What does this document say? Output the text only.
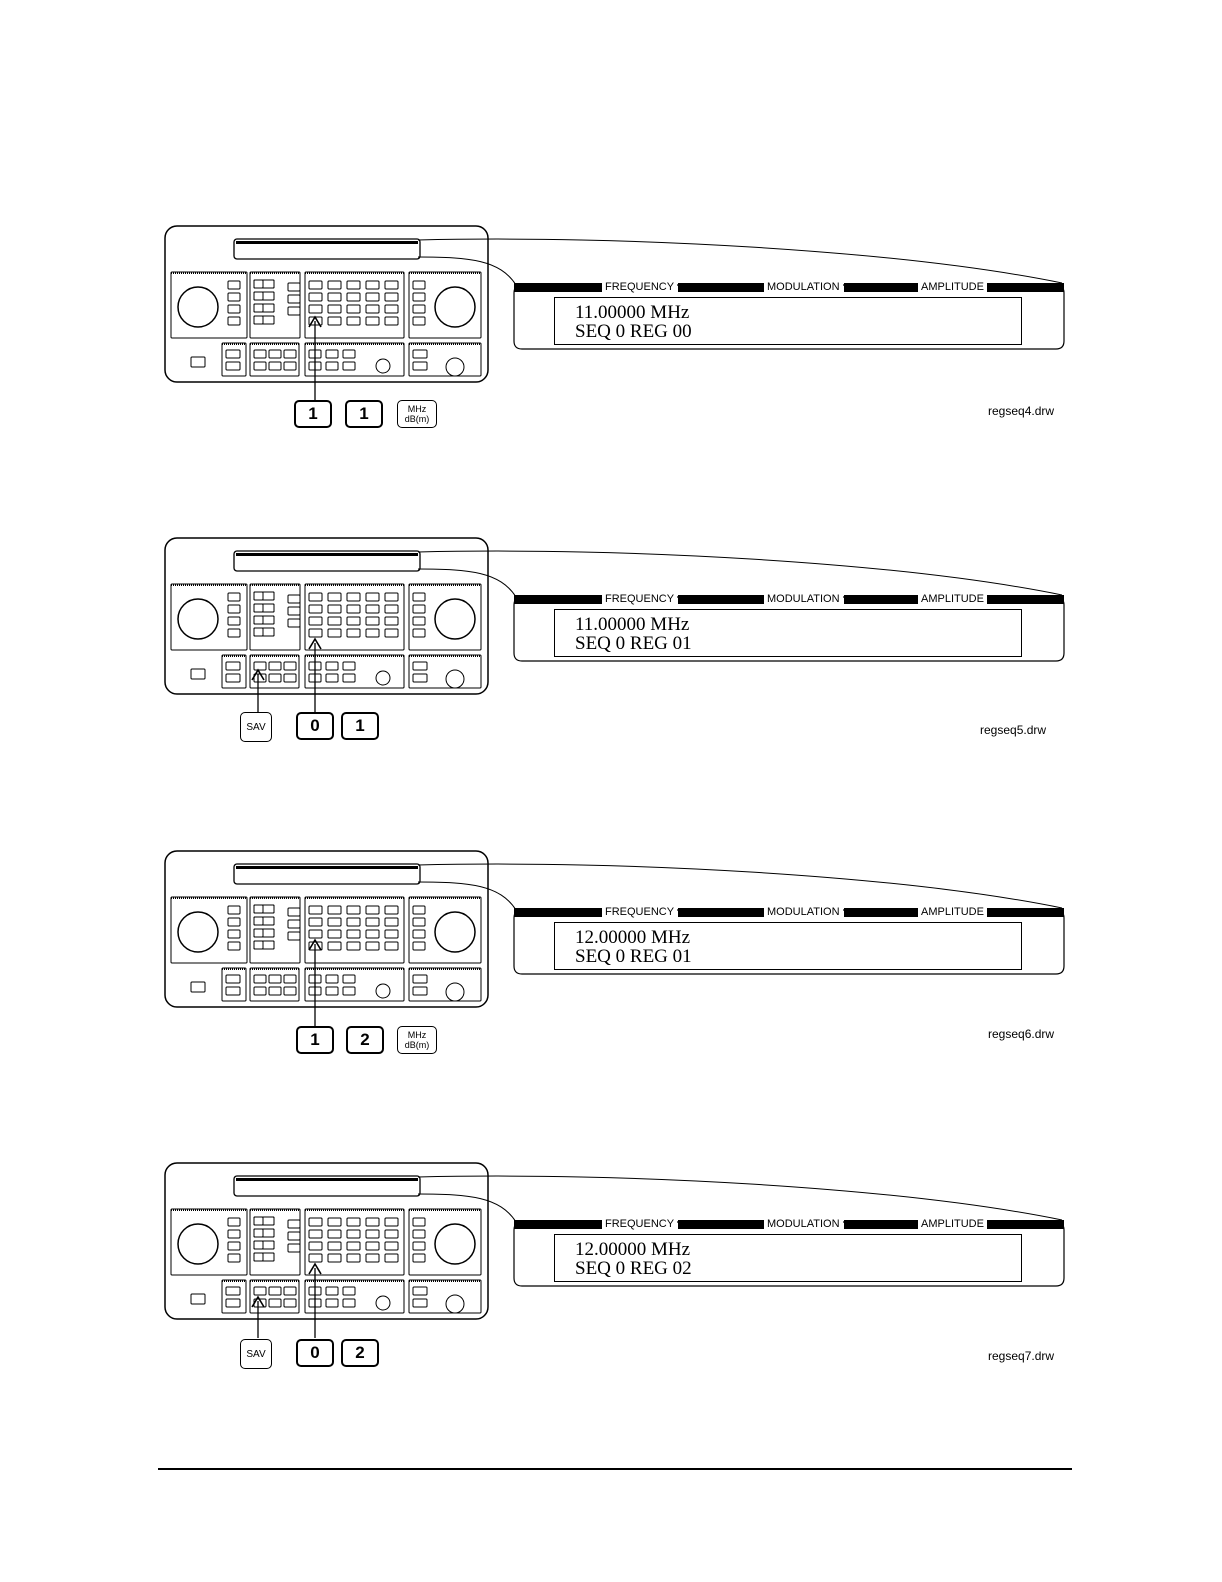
FREQUENCY	MODULATION	AMPLITUDE
11.00000 MHz
SEQ 0 REG 00
1	1	MHz
dB(m)
regseq4.drw
FREQUENCY	MODULATION	AMPLITUDE
11.00000 MHz
SEQ 0 REG 01
SAV	0	1	regseq5.drw
FREQUENCY	MODULATION	AMPLITUDE
12.00000 MHz
SEQ 0 REG 01
1	2	MHz
dB(m)
regseq6.drw
FREQUENCY	MODULATION	AMPLITUDE
12.00000 MHz
SEQ 0 REG 02
SAV	0	2	regseq7.drw
